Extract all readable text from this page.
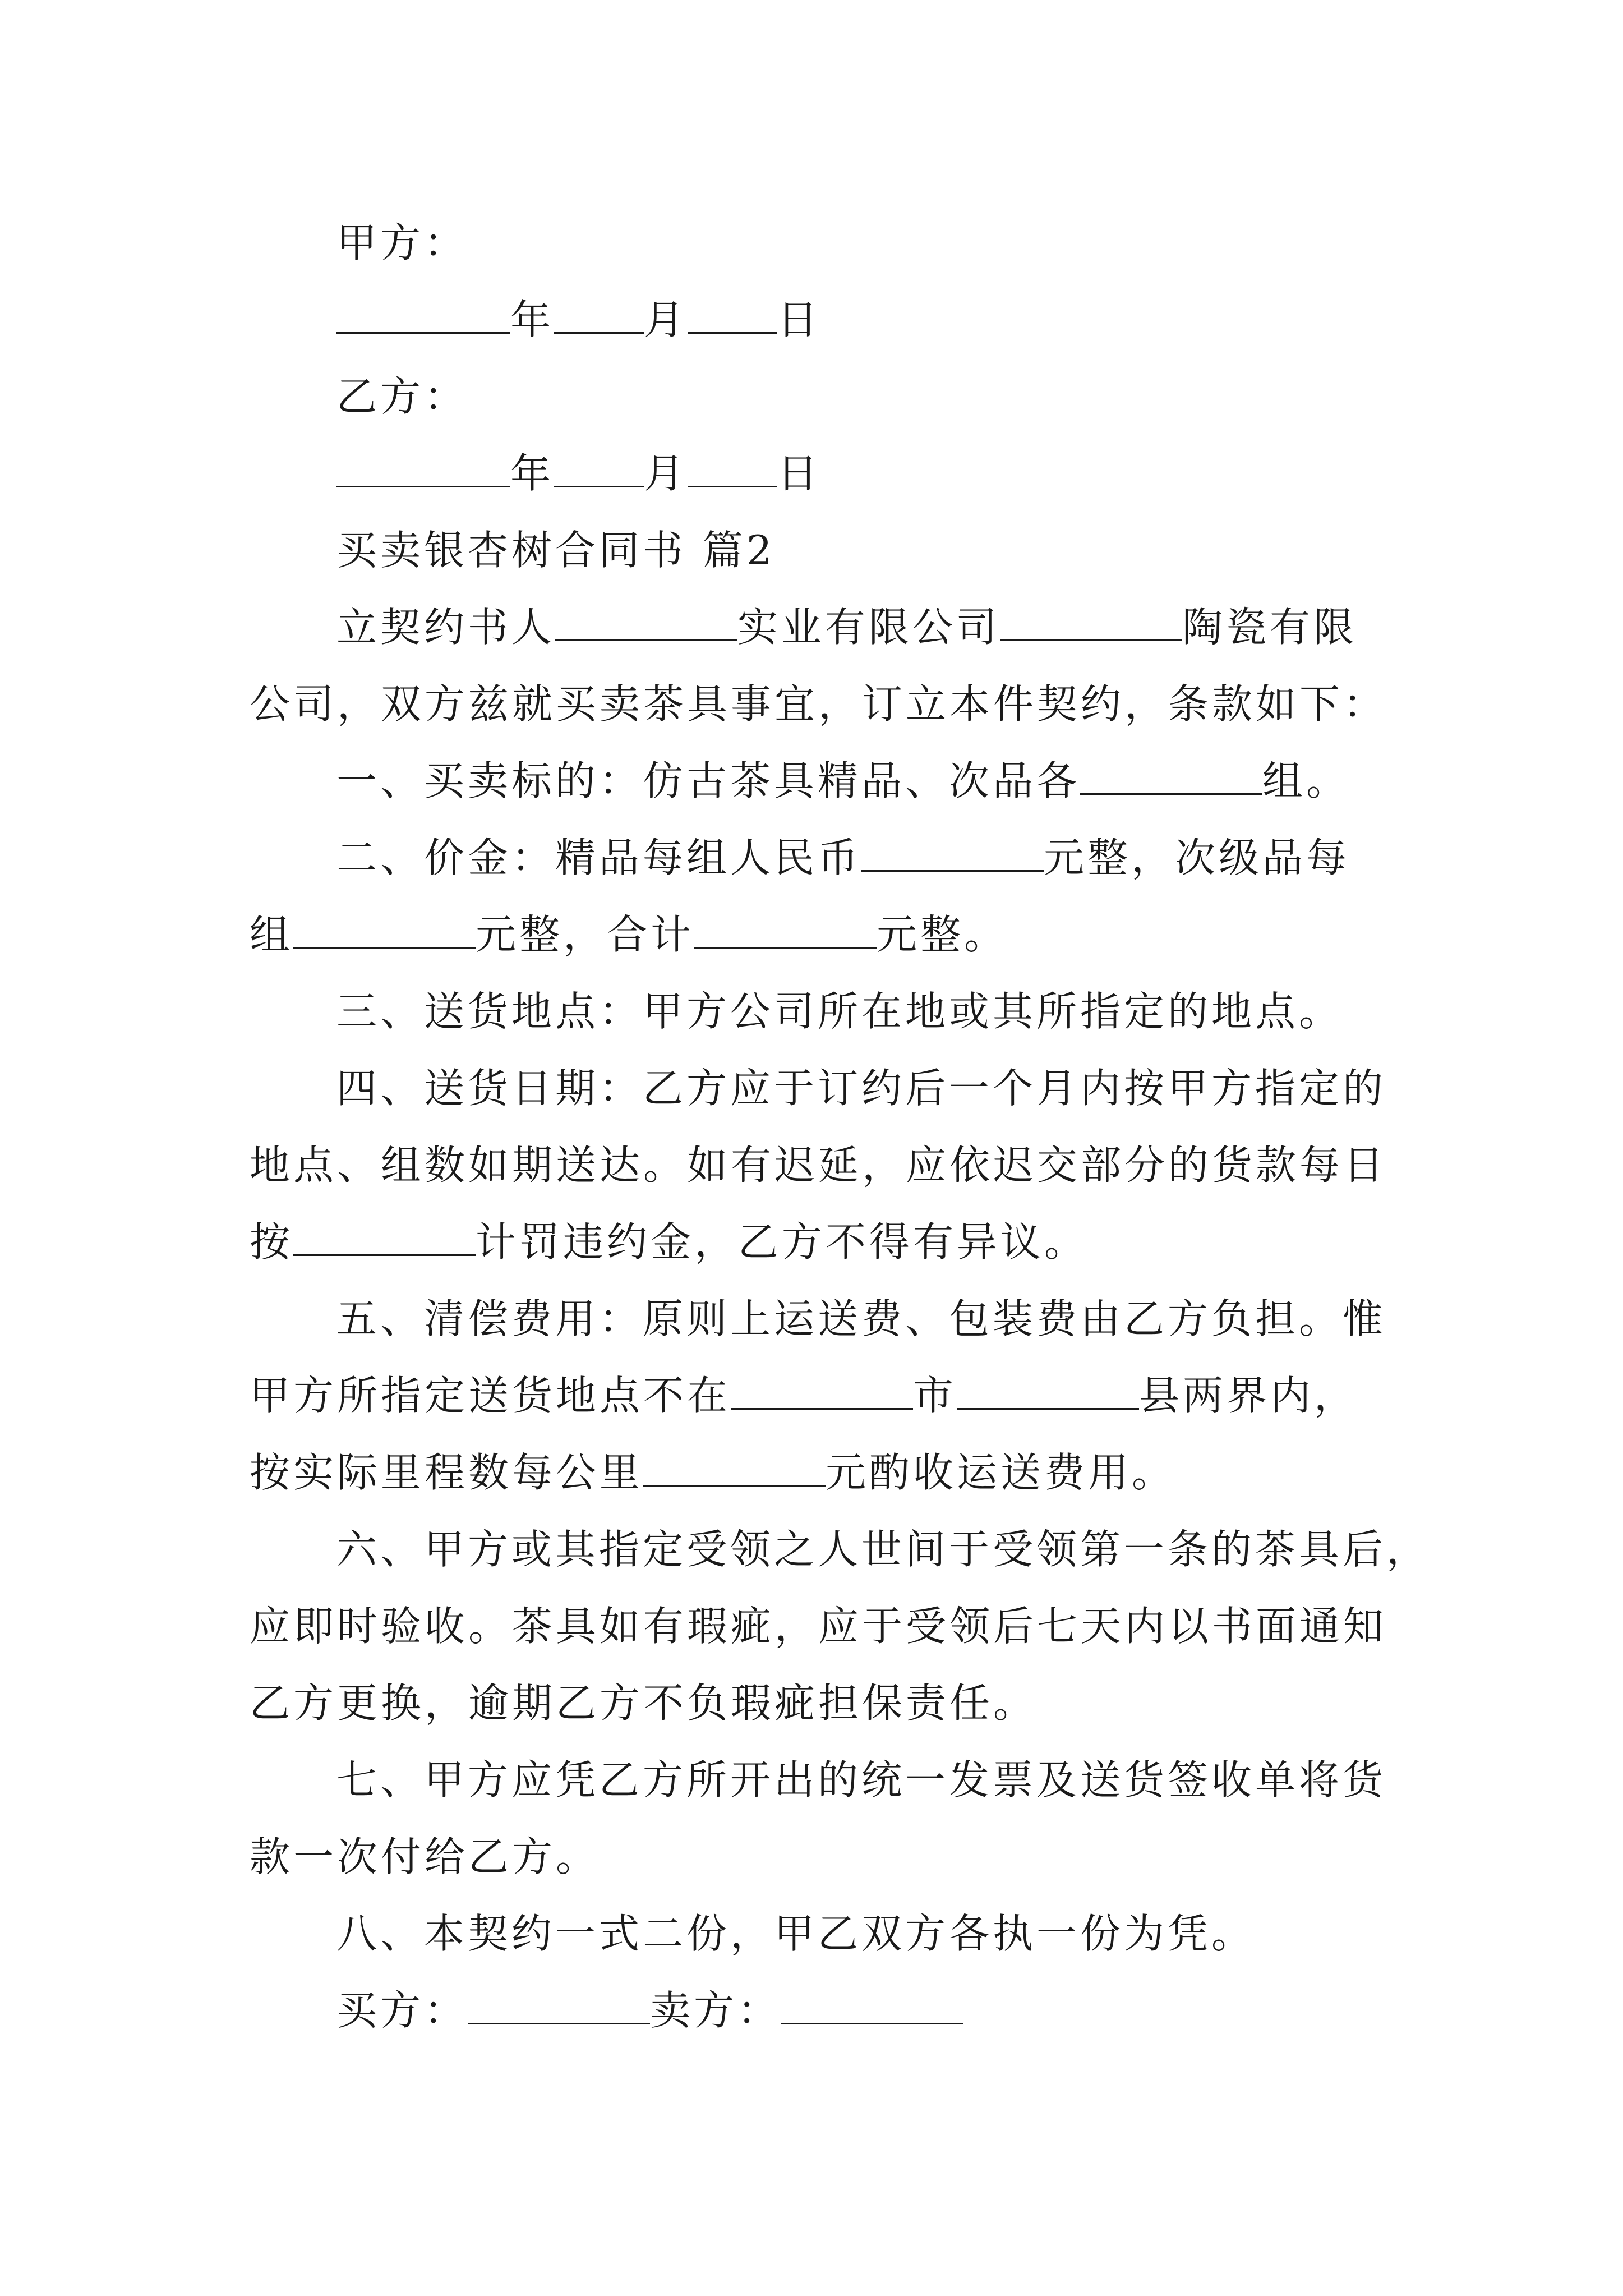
甲方：
年 月 日
乙方：
年 月 日
买卖银杏树合同书 篇2
立契约书人	实业有限公司	陶瓷有限
公司，双方兹就买卖茶具事宜，订立本件契约，条款如下：
一、买卖标的：仿古茶具精品、次品各	组。
二、价金：精品每组人民币	元整，次级品每
组	元整，合计	元整。
三、送货地点：甲方公司所在地或其所指定的地点。
四、送货日期：乙方应于订约后一个月内按甲方指定的
地点、组数如期送达。如有迟延，应依迟交部分的货款每日
按	计罚违约金，乙方不得有异议。
五、清偿费用：原则上运送费、包装费由乙方负担。惟
甲方所指定送货地点不在	市	县两界内，
按实际里程数每公里	元酌收运送费用。
六、甲方或其指定受领之人世间于受领第一条的茶具后，
应即时验收。茶具如有瑕疵，应于受领后七天内以书面通知
乙方更换，逾期乙方不负瑕疵担保责任。
七、甲方应凭乙方所开出的统一发票及送货签收单将货
款一次付给乙方。
八、本契约一式二份，甲乙双方各执一份为凭。
买方：	卖方：
